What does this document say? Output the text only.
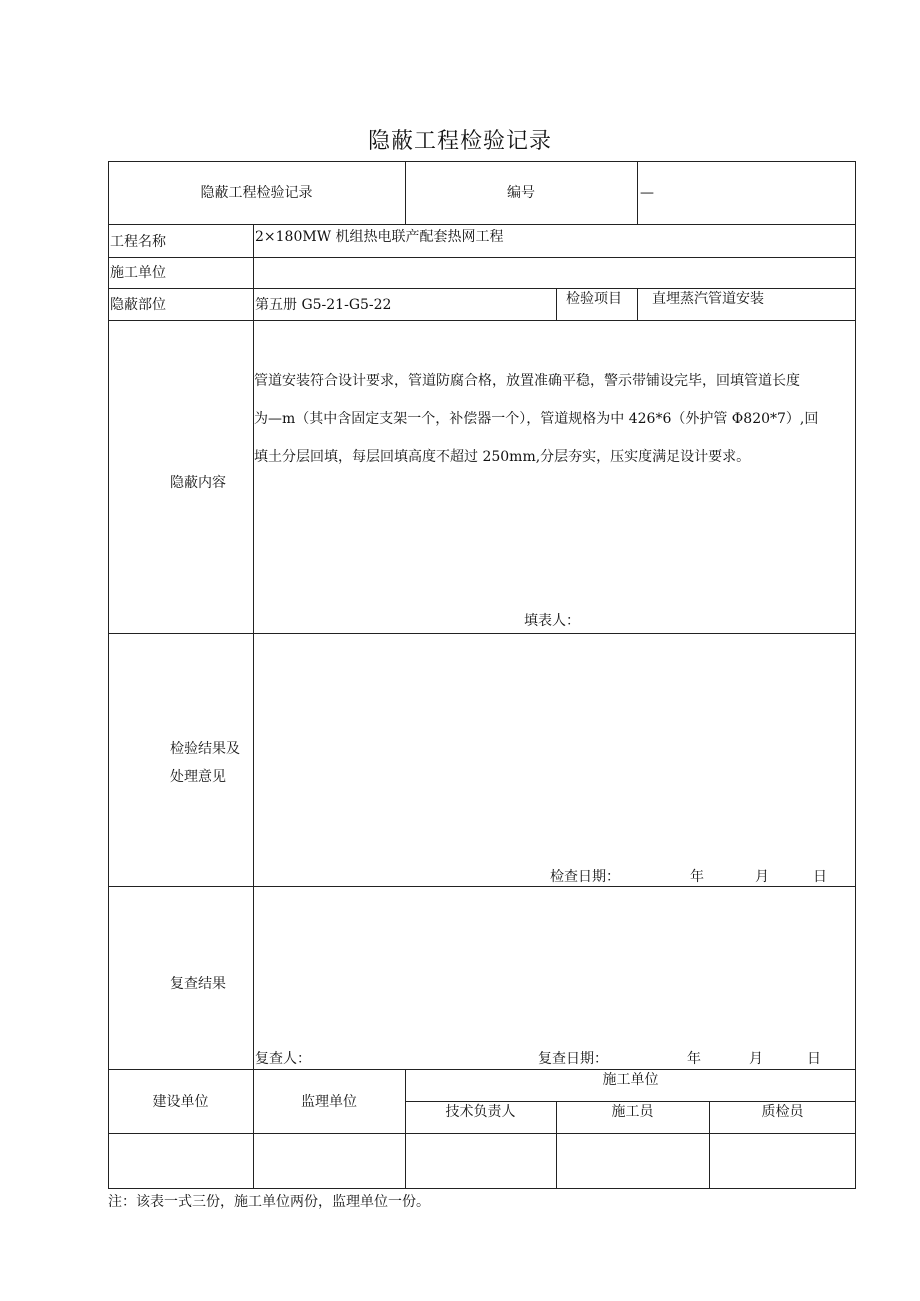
隐蔽工程检验记录
隐蔽工程检验记录	编号	—
工程名称	2×180MW 机组热电联产配套热网工程
施工单位
隐蔽部位	第五册 G5-21-G5-22	检验项目 直埋蒸汽管道安装
隐蔽内容
管道安装符合设计要求，管道防腐合格，放置准确平稳，警示带铺设完毕，回填管道长度
为—m（其中含固定支架一个，补偿器一个），管道规格为中 426*6（外护管 Φ820*7）,回
填土分层回填，每层回填高度不超过 250mm,分层夯实，压实度满足设计要求。
填表人：
检验结果及
处理意见
检查日期：	年	月	日
复查结果
复查人：	复查日期：	年	月	日
建设单位	监理单位
施工单位
技术负责人	施工员	质检员
注：该表一式三份，施工单位两份，监理单位一份。
